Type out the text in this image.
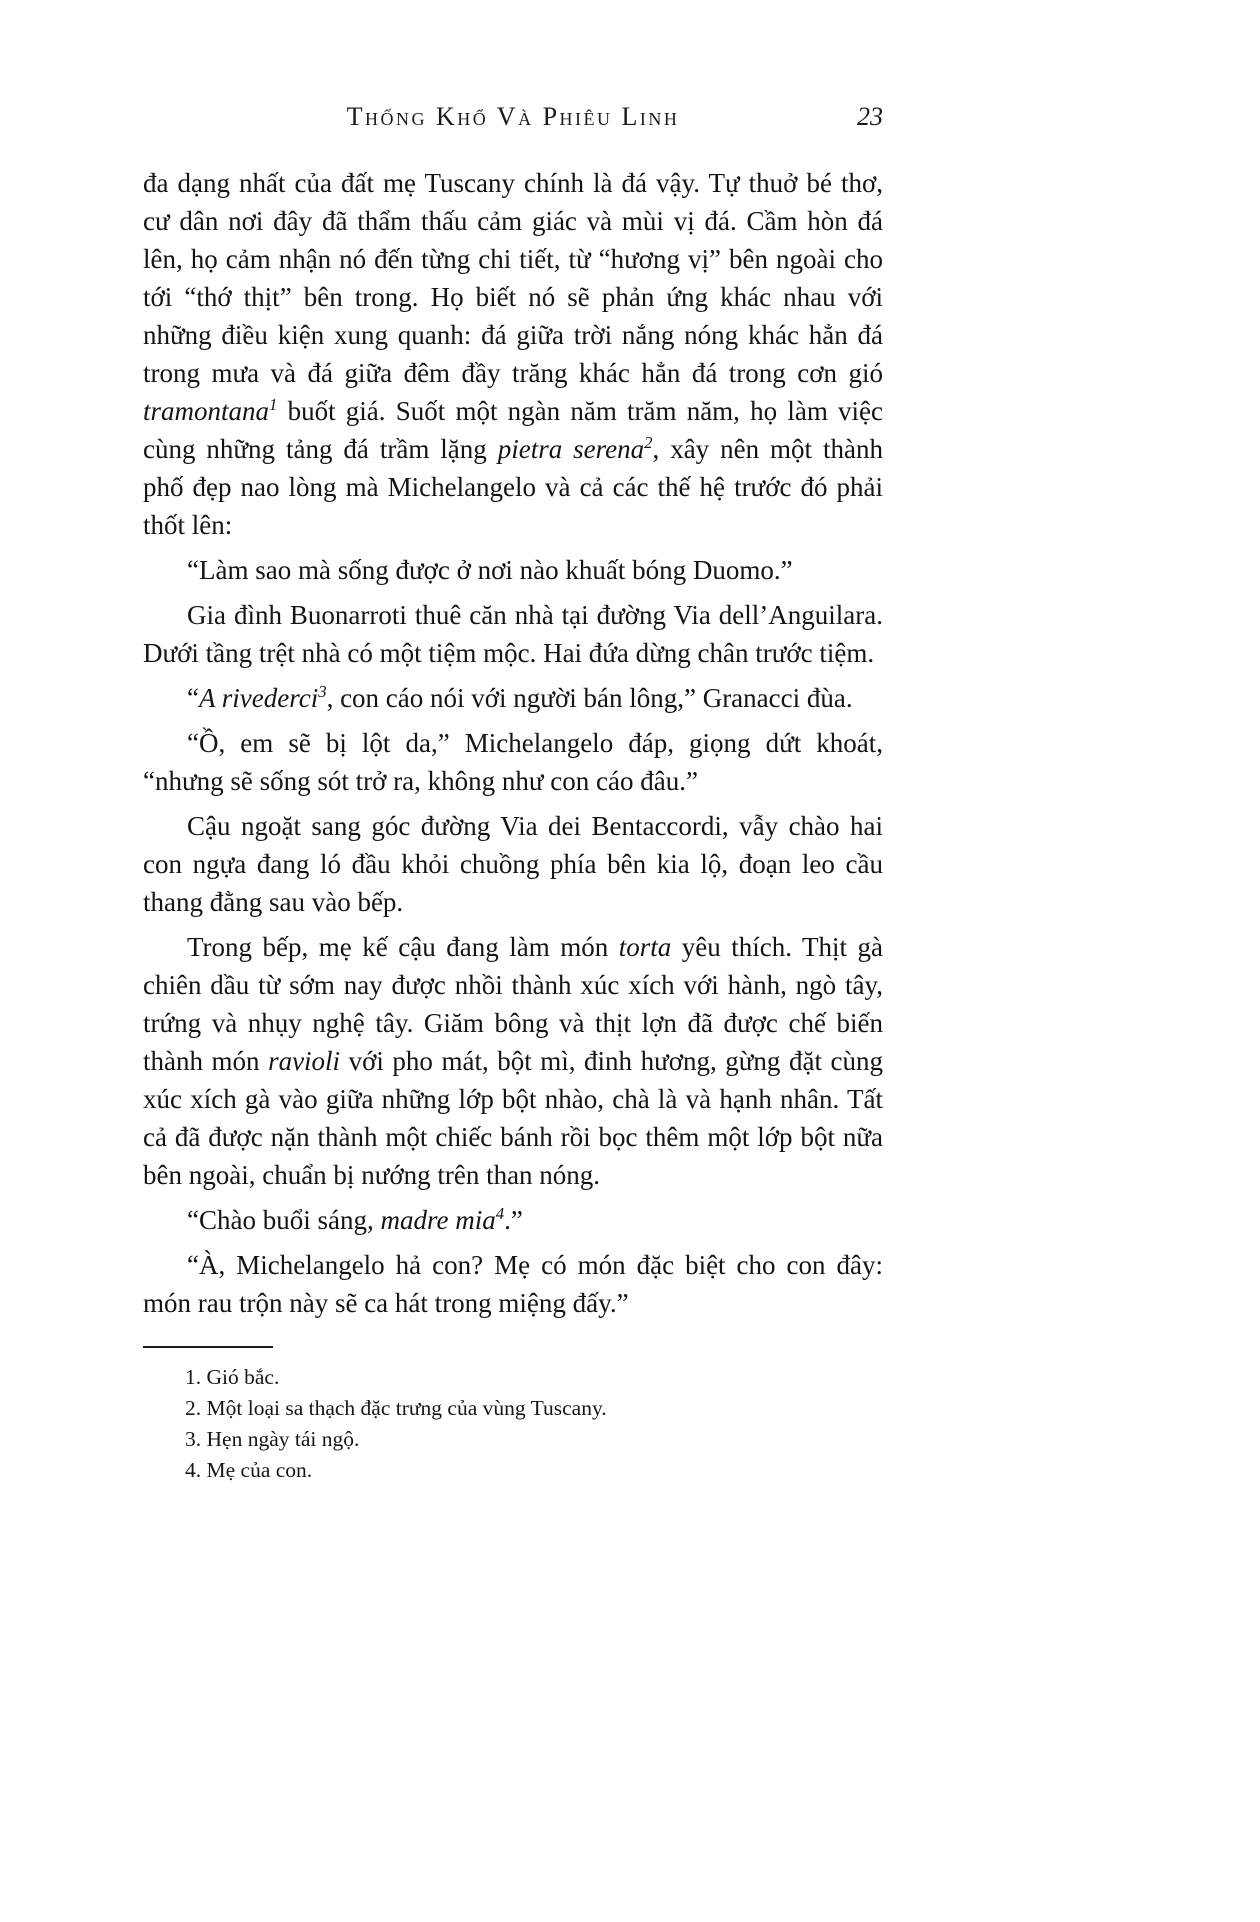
Thống Khổ Và Phiêu Linh	23

đa dạng nhất của đất mẹ Tuscany chính là đá vậy. Tự thuở bé thơ, cư dân nơi đây đã thẩm thấu cảm giác và mùi vị đá. Cầm hòn đá lên, họ cảm nhận nó đến từng chi tiết, từ “hương vị” bên ngoài cho tới “thớ thịt” bên trong. Họ biết nó sẽ phản ứng khác nhau với những điều kiện xung quanh: đá giữa trời nắng nóng khác hẳn đá trong mưa và đá giữa đêm đầy trăng khác hẳn đá trong cơn gió tramontana$^1$ buốt giá. Suốt một ngàn năm trăm năm, họ làm việc cùng những tảng đá trầm lặng pietra serena$^2$, xây nên một thành phố đẹp nao lòng mà Michelangelo và cả các thế hệ trước đó phải thốt lên:

“Làm sao mà sống được ở nơi nào khuất bóng Duomo.”

Gia đình Buonarroti thuê căn nhà tại đường Via dell’Anguilara. Dưới tầng trệt nhà có một tiệm mộc. Hai đứa dừng chân trước tiệm.

“A rivederci$^3$, con cáo nói với người bán lông,” Granacci đùa.

“Ồ, em sẽ bị lột da,” Michelangelo đáp, giọng dứt khoát, “nhưng sẽ sống sót trở ra, không như con cáo đâu.”

Cậu ngoặt sang góc đường Via dei Bentaccordi, vẫy chào hai con ngựa đang ló đầu khỏi chuồng phía bên kia lộ, đoạn leo cầu thang đằng sau vào bếp.

Trong bếp, mẹ kế cậu đang làm món torta yêu thích. Thịt gà chiên dầu từ sớm nay được nhồi thành xúc xích với hành, ngò tây, trứng và nhụy nghệ tây. Giăm bông và thịt lợn đã được chế biến thành món ravioli với pho mát, bột mì, đinh hương, gừng đặt cùng xúc xích gà vào giữa những lớp bột nhào, chà là và hạnh nhân. Tất cả đã được nặn thành một chiếc bánh rồi bọc thêm một lớp bột nữa bên ngoài, chuẩn bị nướng trên than nóng.

“Chào buổi sáng, madre mia$^4$.”

“À, Michelangelo hả con? Mẹ có món đặc biệt cho con đây: món rau trộn này sẽ ca hát trong miệng đấy.”

1. Gió bắc.
2. Một loại sa thạch đặc trưng của vùng Tuscany.
3. Hẹn ngày tái ngộ.
4. Mẹ của con.
